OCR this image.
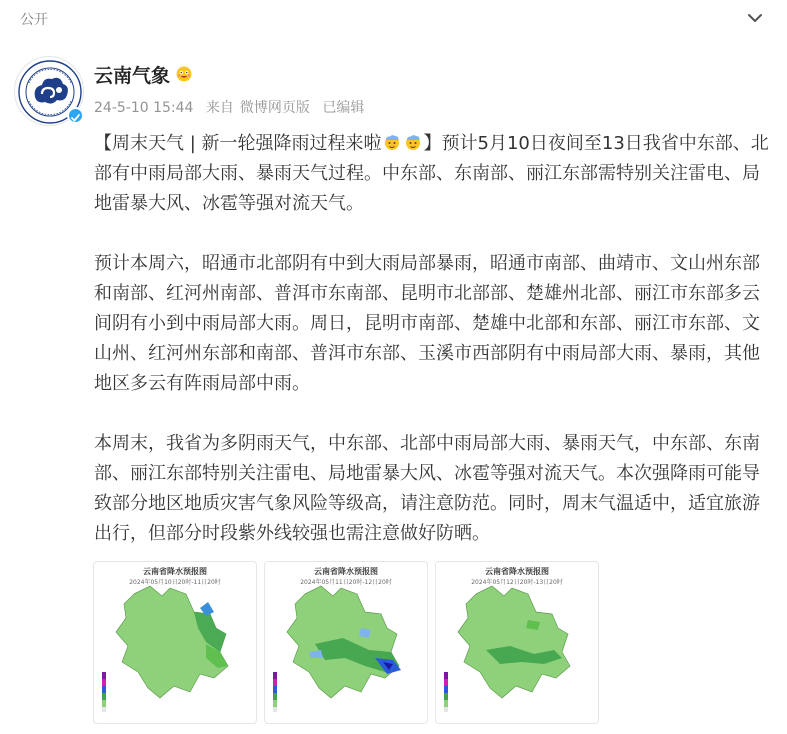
公开
云南气象
24-5-10 15:44 来自 微博网页版 已编辑
【周末天气 | 新一轮强降雨过程来啦 】预计5月10日夜间至13日我省中东部、北部有中雨局部大雨、暴雨天气过程。中东部、东南部、丽江东部需特别关注雷电、局地雷暴大风、冰雹等强对流天气。
预计本周六，昭通市北部阴有中到大雨局部暴雨，昭通市南部、曲靖市、文山州东部和南部、红河州南部、普洱市东南部、昆明市北部部、楚雄州北部、丽江市东部多云间阴有小到中雨局部大雨。周日，昆明市南部、楚雄中北部和东部、丽江市东部、文山州、红河州东部和南部、普洱市东部、玉溪市西部阴有中雨局部大雨、暴雨，其他地区多云有阵雨局部中雨。
本周末，我省为多阴雨天气，中东部、北部中雨局部大雨、暴雨天气，中东部、东南部、丽江东部特别关注雷电、局地雷暴大风、冰雹等强对流天气。本次强降雨可能导致部分地区地质灾害气象风险等级高，请注意防范。同时，周末气温适中，适宜旅游出行，但部分时段紫外线较强也需注意做好防晒。
云南省降水预报图
2024年05月10日20时-11日20时
云南省降水预报图
2024年05月11日20时-12日20时
云南省降水预报图
2024年05月12日20时-13日20时
